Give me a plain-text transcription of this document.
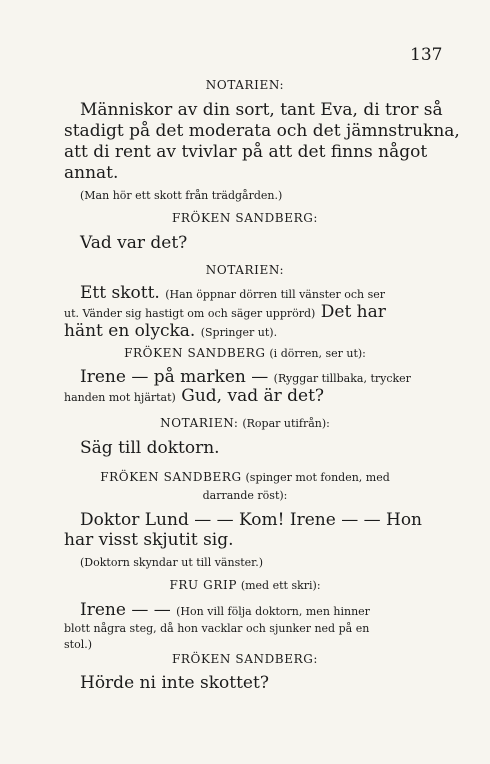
137
NOTARIEN:
Människor av din sort, tant Eva, di tror så
stadigt på det moderata och det jämnstrukna,
att di rent av tvivlar på att det finns något
annat.
(Man hör ett skott från trädgården.)
FRÖKEN SANDBERG:
Vad var det?
NOTARIEN:
Ett skott. (Han öppnar dörren till vänster och ser
ut. Vänder sig hastigt om och säger upprörd) Det har
hänt en olycka. (Springer ut).
FRÖKEN SANDBERG (i dörren, ser ut):
Irene — på marken — (Ryggar tillbaka, trycker
handen mot hjärtat) Gud, vad är det?
NOTARIEN: (Ropar utifrån):
Säg till doktorn.
FRÖKEN SANDBERG (spinger mot fonden, med
darrande röst):
Doktor Lund — — Kom! Irene — — Hon
har visst skjutit sig.
(Doktorn skyndar ut till vänster.)
FRU GRIP (med ett skri):
Irene — — (Hon vill följa doktorn, men hinner
blott några steg, då hon vacklar och sjunker ned på en
stol.)
FRÖKEN SANDBERG:
Hörde ni inte skottet?
